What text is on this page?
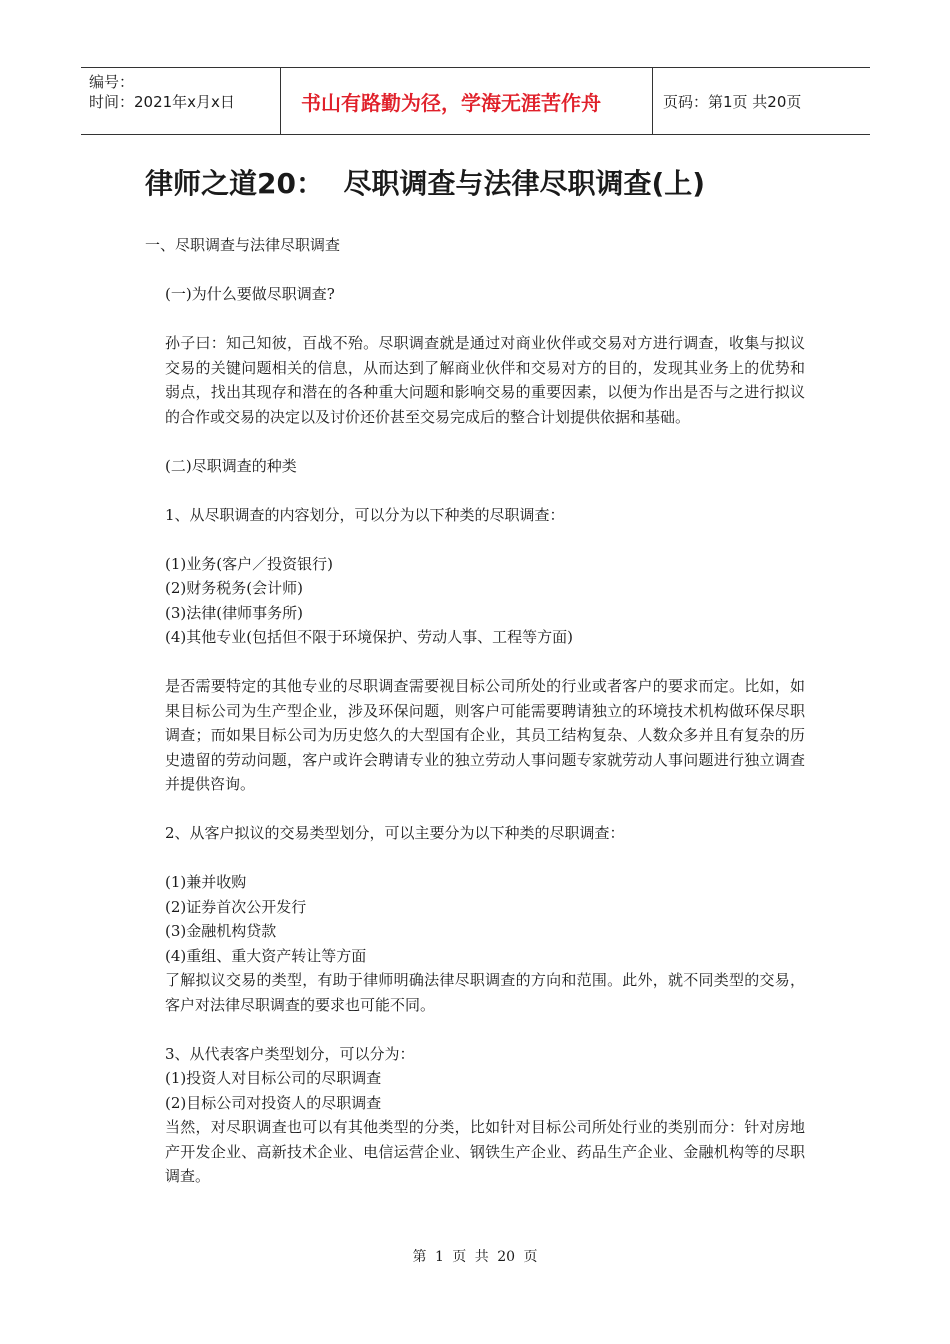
编号：
时间：2021年x月x日	书山有路勤为径，学海无涯苦作舟	页码：第1页 共20页
律师之道20：  尽职调查与法律尽职调查(上)

一、尽职调查与法律尽职调查

(一)为什么要做尽职调查?

孙子曰：知己知彼，百战不殆。尽职调查就是通过对商业伙伴或交易对方进行调查，收集与拟议交易的关键问题相关的信息，从而达到了解商业伙伴和交易对方的目的，发现其业务上的优势和弱点，找出其现存和潜在的各种重大问题和影响交易的重要因素，以便为作出是否与之进行拟议的合作或交易的决定以及讨价还价甚至交易完成后的整合计划提供依据和基础。

(二)尽职调查的种类

1、从尽职调查的内容划分，可以分为以下种类的尽职调查：

(1)业务(客户／投资银行)

(2)财务税务(会计师)

(3)法律(律师事务所)

(4)其他专业(包括但不限于环境保护、劳动人事、工程等方面)

是否需要特定的其他专业的尽职调查需要视目标公司所处的行业或者客户的要求而定。比如，如果目标公司为生产型企业，涉及环保问题，则客户可能需要聘请独立的环境技术机构做环保尽职调查；而如果目标公司为历史悠久的大型国有企业，其员工结构复杂、人数众多并且有复杂的历史遗留的劳动问题，客户或许会聘请专业的独立劳动人事问题专家就劳动人事问题进行独立调查并提供咨询。

2、从客户拟议的交易类型划分，可以主要分为以下种类的尽职调查：

(1)兼并收购

(2)证券首次公开发行

(3)金融机构贷款

(4)重组、重大资产转让等方面

了解拟议交易的类型，有助于律师明确法律尽职调查的方向和范围。此外，就不同类型的交易，客户对法律尽职调查的要求也可能不同。

3、从代表客户类型划分，可以分为：

(1)投资人对目标公司的尽职调查

(2)目标公司对投资人的尽职调查

当然，对尽职调查也可以有其他类型的分类，比如针对目标公司所处行业的类别而分：针对房地产开发企业、高新技术企业、电信运营企业、钢铁生产企业、药品生产企业、金融机构等的尽职调查。

第 1 页 共 20 页
